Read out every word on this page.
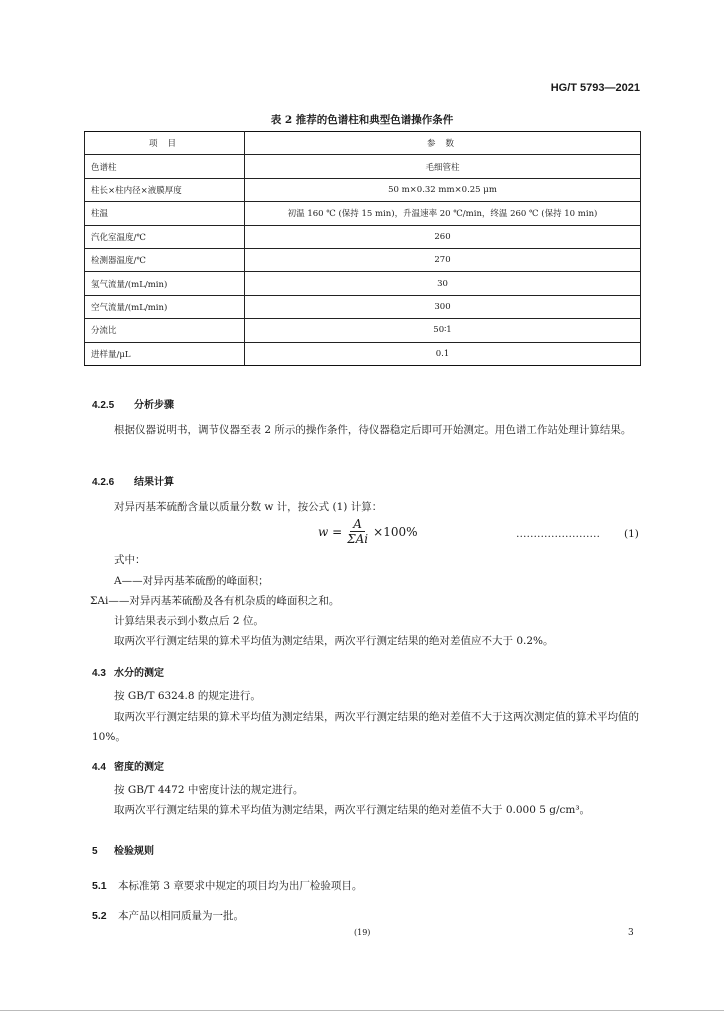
HG/T 5793—2021
表 2 推荐的色谱柱和典型色谱操作条件
项目	参数
色谱柱	毛细管柱
柱长×柱内径×液膜厚度	50 m×0.32 mm×0.25 μm
柱温	初温 160 ℃ (保持 15 min)，升温速率 20 ℃/min，终温 260 ℃ (保持 10 min)
汽化室温度/℃	260
检测器温度/℃	270
氢气流量/(mL/min)	30
空气流量/(mL/min)	300
分流比	50∶1
进样量/μL	0.1
4.2.5 分析步骤
根据仪器说明书，调节仪器至表 2 所示的操作条件，待仪器稳定后即可开始测定。用色谱工作站处理计算结果。
4.2.6 结果计算
对异丙基苯硫酚含量以质量分数 w 计，按公式 (1) 计算：
$w = \frac{A}{\text{ΣAi}} \times 100\%$	…………………… (1)
式中：
A——对异丙基苯硫酚的峰面积；
ΣAi——对异丙基苯硫酚及各有机杂质的峰面积之和。
计算结果表示到小数点后 2 位。
取两次平行测定结果的算术平均值为测定结果，两次平行测定结果的绝对差值应不大于 0.2%。
4.3 水分的测定
按 GB/T 6324.8 的规定进行。
取两次平行测定结果的算术平均值为测定结果，两次平行测定结果的绝对差值不大于这两次测定值的算术平均值的 10%。
4.4 密度的测定
按 GB/T 4472 中密度计法的规定进行。
取两次平行测定结果的算术平均值为测定结果，两次平行测定结果的绝对差值不大于 0.000 5 g/cm³。
5 检验规则
5.1 本标准第 3 章要求中规定的项目均为出厂检验项目。
5.2 本产品以相同质量为一批。
(19)	3
